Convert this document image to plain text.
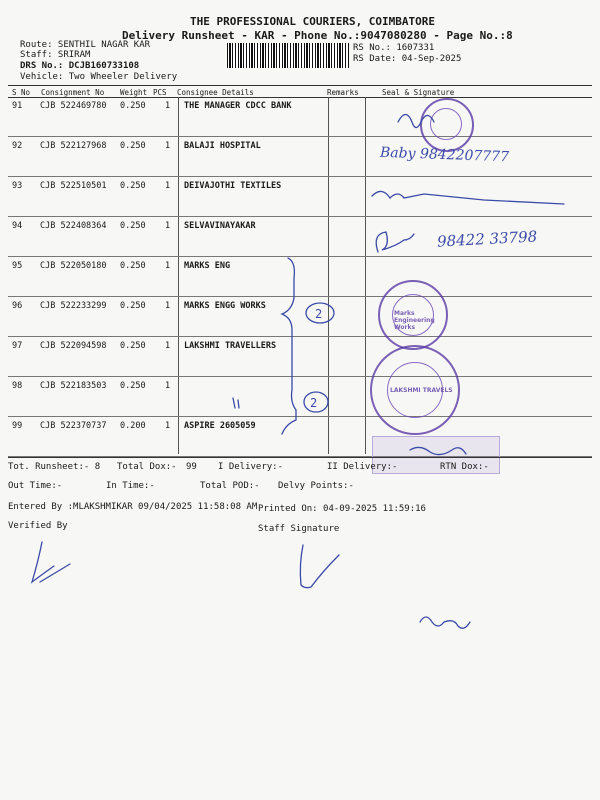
THE PROFESSIONAL COURIERS, COIMBATORE
Delivery Runsheet - KAR - Phone No.:9047080280 - Page No.:8
Route: SENTHIL NAGAR KAR
Staff: SRIRAM
DRS No.: DCJB160733108
Vehicle: Two Wheeler Delivery
RS No.: 1607331
RS Date: 04-Sep-2025
S No Consignment No Weight PCS Consignee Details	Remarks	Seal & Signature
91 CJB 522469780 0.250 1 THE MANAGER CDCC BANK
92 CJB 522127968 0.250 1 BALAJI HOSPITAL
93 CJB 522510501 0.250 1 DEIVAJOTHI TEXTILES
94 CJB 522408364 0.250 1 SELVAVINAYAKAR
95 CJB 522050180 0.250 1 MARKS ENG
96 CJB 522233299 0.250 1 MARKS ENGG WORKS
97 CJB 522094598 0.250 1 LAKSHMI TRAVELLERS
98 CJB 522183503 0.250 1
99 CJB 522370737 0.200 1 ASPIRE 2605059
Marks Engineering Works
LAKSHMI TRAVELS
Baby 9842207777
98422 33798
2
2
Tot. Runsheet:- 8 Total Dox:- 99 I Delivery:-	II Delivery:-	RTN Dox:-
Out Time:-	In Time:-	Total POD:- Delvy Points:-
Entered By :MLAKSHMIKAR 09/04/2025 11:58:08 AM Printed On: 04-09-2025 11:59:16
Verified By	Staff Signature
